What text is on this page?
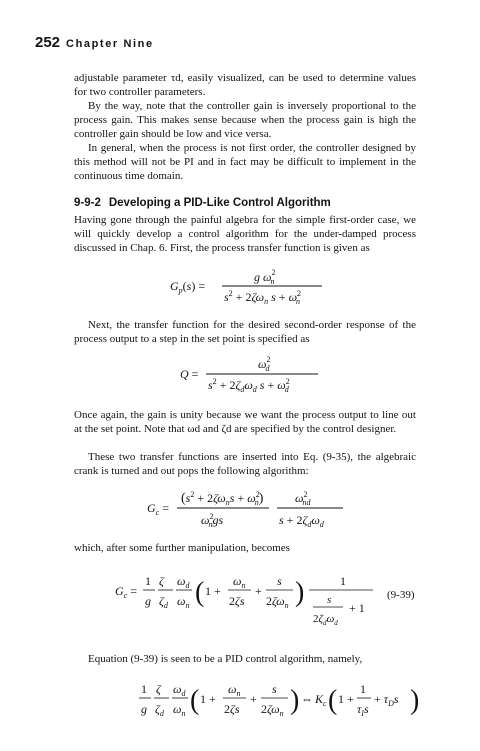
252 Chapter Nine

adjustable parameter τd, easily visualized, can be used to determine values for two controller parameters.

By the way, note that the controller gain is inversely proportional to the process gain. This makes sense because when the process gain is high the controller gain should be low and vice versa.

In general, when the process is not first order, the controller designed by this method will not be PI and in fact may be difficult to implement in the continuous time domain.

9-9-2 Developing a PID-Like Control Algorithm

Having gone through the painful algebra for the simple first-order case, we will quickly develop a control algorithm for the under-damped process discussed in Chap. 6. First, the process transfer function is given as

$G_p(s)$ =
g $\omega^2$ n
$s^2 + 2\zeta\omega_n$ $s + \omega^2$ n

Next, the transfer function for the desired second-order response of the process output to a step in the set point is specified as

Q =
$\omega^2$ d
$s^2 + 2\zeta_d\omega_d$ $s + \omega^2$ d

Once again, the gain is unity because we want the process output to line out at the set point. Note that ωd and ζd are specified by the control designer.

These two transfer functions are inserted into Eq. (9-35), the algebraic crank is turned and out pops the following algorithm:

$G_c$ =
($s^2 + 2\zeta\omega_ns + \omega^2$ n)
$\omega^2$ ngs
$\omega^2$ nd
$s + 2\zeta_d\omega_d$

which, after some further manipulation, becomes

$G_c$ =
1
g
ζ
$\zeta_d$
$\omega_d$
$\omega_n$ ( 1 +
$\omega_n$
2ζs
+
s
$2\zeta\omega_n$ )	1
s
+ 1
$2\zeta_d\omega_d$
(9-39)

Equation (9-39) is seen to be a PID control algorithm, namely,

1
g
ζ
$\zeta_d$
$\omega_d$
$\omega_n$ ( 1 +
$\omega_n$
2ζs
+
s
$2\zeta\omega_n$ ) ⇔ $K_c$ ( 1 +
1
$\tau_Is$
+ $\tau_Ds$ )
